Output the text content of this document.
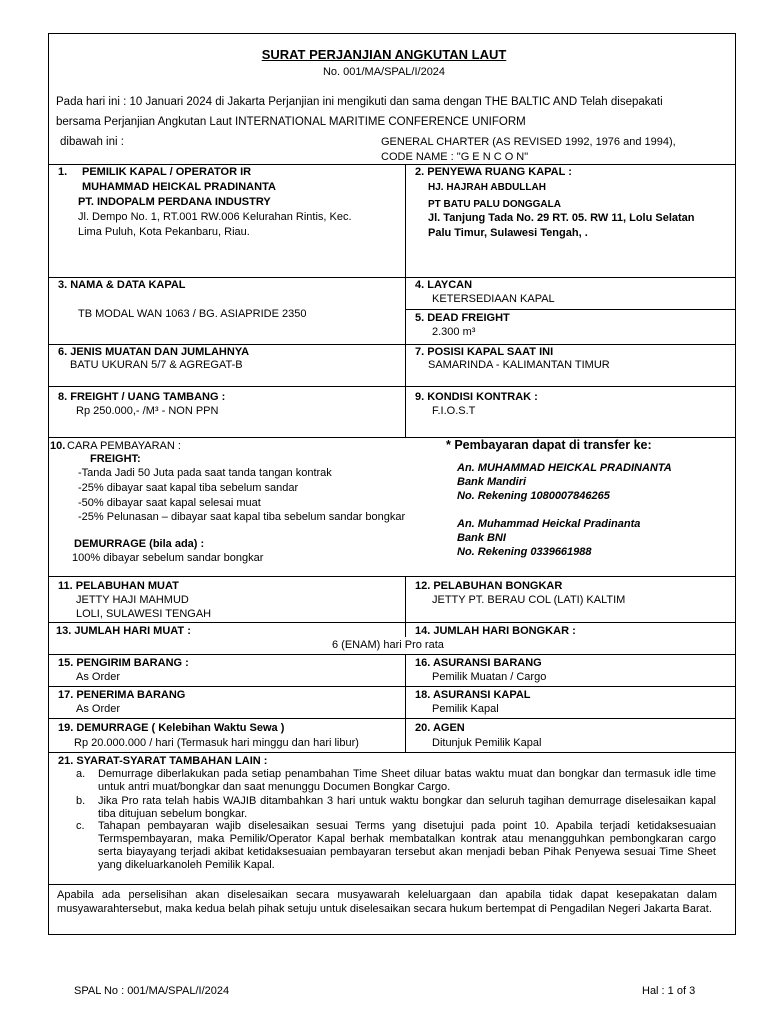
SURAT PERJANJIAN ANGKUTAN LAUT
No. 001/MA/SPAL/I/2024
Pada hari ini : 10 Januari 2024 di Jakarta Perjanjian ini mengikuti dan sama dengan THE BALTIC AND Telah disepakati
bersama Perjanjian Angkutan Laut INTERNATIONAL MARITIME CONFERENCE UNIFORM
dibawah ini :	GENERAL CHARTER (AS REVISED 1992, 1976 and 1994),
CODE NAME : "G E N C O N"
1. PEMILIK KAPAL / OPERATOR IR
MUHAMMAD HEICKAL PRADINANTA
PT. INDOPALM PERDANA INDUSTRY
Jl. Dempo No. 1, RT.001 RW.006 Kelurahan Rintis, Kec.
Lima Puluh, Kota Pekanbaru, Riau.
2. PENYEWA RUANG KAPAL :
HJ. HAJRAH ABDULLAH
PT BATU PALU DONGGALA
Jl. Tanjung Tada No. 29 RT. 05. RW 11, Lolu Selatan
Palu Timur, Sulawesi Tengah, .
3. NAMA & DATA KAPAL
TB MODAL WAN 1063 / BG. ASIAPRIDE 2350
4. LAYCAN
KETERSEDIAAN KAPAL
5. DEAD FREIGHT
2.300 m³
6. JENIS MUATAN DAN JUMLAHNYA
BATU UKURAN 5/7 & AGREGAT-B
7. POSISI KAPAL SAAT INI
SAMARINDA - KALIMANTAN TIMUR
8. FREIGHT / UANG TAMBANG :
Rp 250.000,- /M³ - NON PPN
9. KONDISI KONTRAK :
F.I.O.S.T
10. CARA PEMBAYARAN :
FREIGHT:
-Tanda Jadi 50 Juta pada saat tanda tangan kontrak
-25% dibayar saat kapal tiba sebelum sandar
-50% dibayar saat kapal selesai muat
-25% Pelunasan – dibayar saat kapal tiba sebelum sandar bongkar
DEMURRAGE (bila ada) :
100% dibayar sebelum sandar bongkar
* Pembayaran dapat di transfer ke:
An. MUHAMMAD HEICKAL PRADINANTA
Bank Mandiri
No. Rekening 1080007846265
An. Muhammad Heickal Pradinanta
Bank BNI
No. Rekening 0339661988
11. PELABUHAN MUAT
JETTY HAJI MAHMUD
LOLI, SULAWESI TENGAH
12. PELABUHAN BONGKAR
JETTY PT. BERAU COL (LATI) KALTIM
13. JUMLAH HARI MUAT :	14. JUMLAH HARI BONGKAR :
6 (ENAM) hari Pro rata
15. PENGIRIM BARANG :
As Order
16. ASURANSI BARANG
Pemilik Muatan / Cargo
17. PENERIMA BARANG
As Order
18. ASURANSI KAPAL
Pemilik Kapal
19. DEMURRAGE ( Kelebihan Waktu Sewa )
Rp 20.000.000 / hari (Termasuk hari minggu dan hari libur)
20. AGEN
Ditunjuk Pemilik Kapal
21. SYARAT-SYARAT TAMBAHAN LAIN :
a. Demurrage diberlakukan pada setiap penambahan Time Sheet diluar batas waktu muat dan bongkar dan termasuk idle time untuk antri muat/bongkar dan saat menunggu Documen Bongkar Cargo.
b. Jika Pro rata telah habis WAJIB ditambahkan 3 hari untuk waktu bongkar dan seluruh tagihan demurrage diselesaikan kapal tiba ditujuan sebelum bongkar.
c. Tahapan pembayaran wajib diselesaikan sesuai Terms yang disetujui pada point 10. Apabila terjadi ketidaksesuaian Termspembayaran, maka Pemilik/Operator Kapal berhak membatalkan kontrak atau menangguhkan pembongkaran cargo serta biayayang terjadi akibat ketidaksesuaian pembayaran tersebut akan menjadi beban Pihak Penyewa sesuai Time Sheet yang dikeluarkanoleh Pemilik Kapal.
Apabila ada perselisihan akan diselesaikan secara musyawarah keleluargaan dan apabila tidak dapat kesepakatan dalam musyawarahtersebut, maka kedua belah pihak setuju untuk diselesaikan secara hukum bertempat di Pengadilan Negeri Jakarta Barat.
SPAL No : 001/MA/SPAL/I/2024	Hal : 1 of 3
